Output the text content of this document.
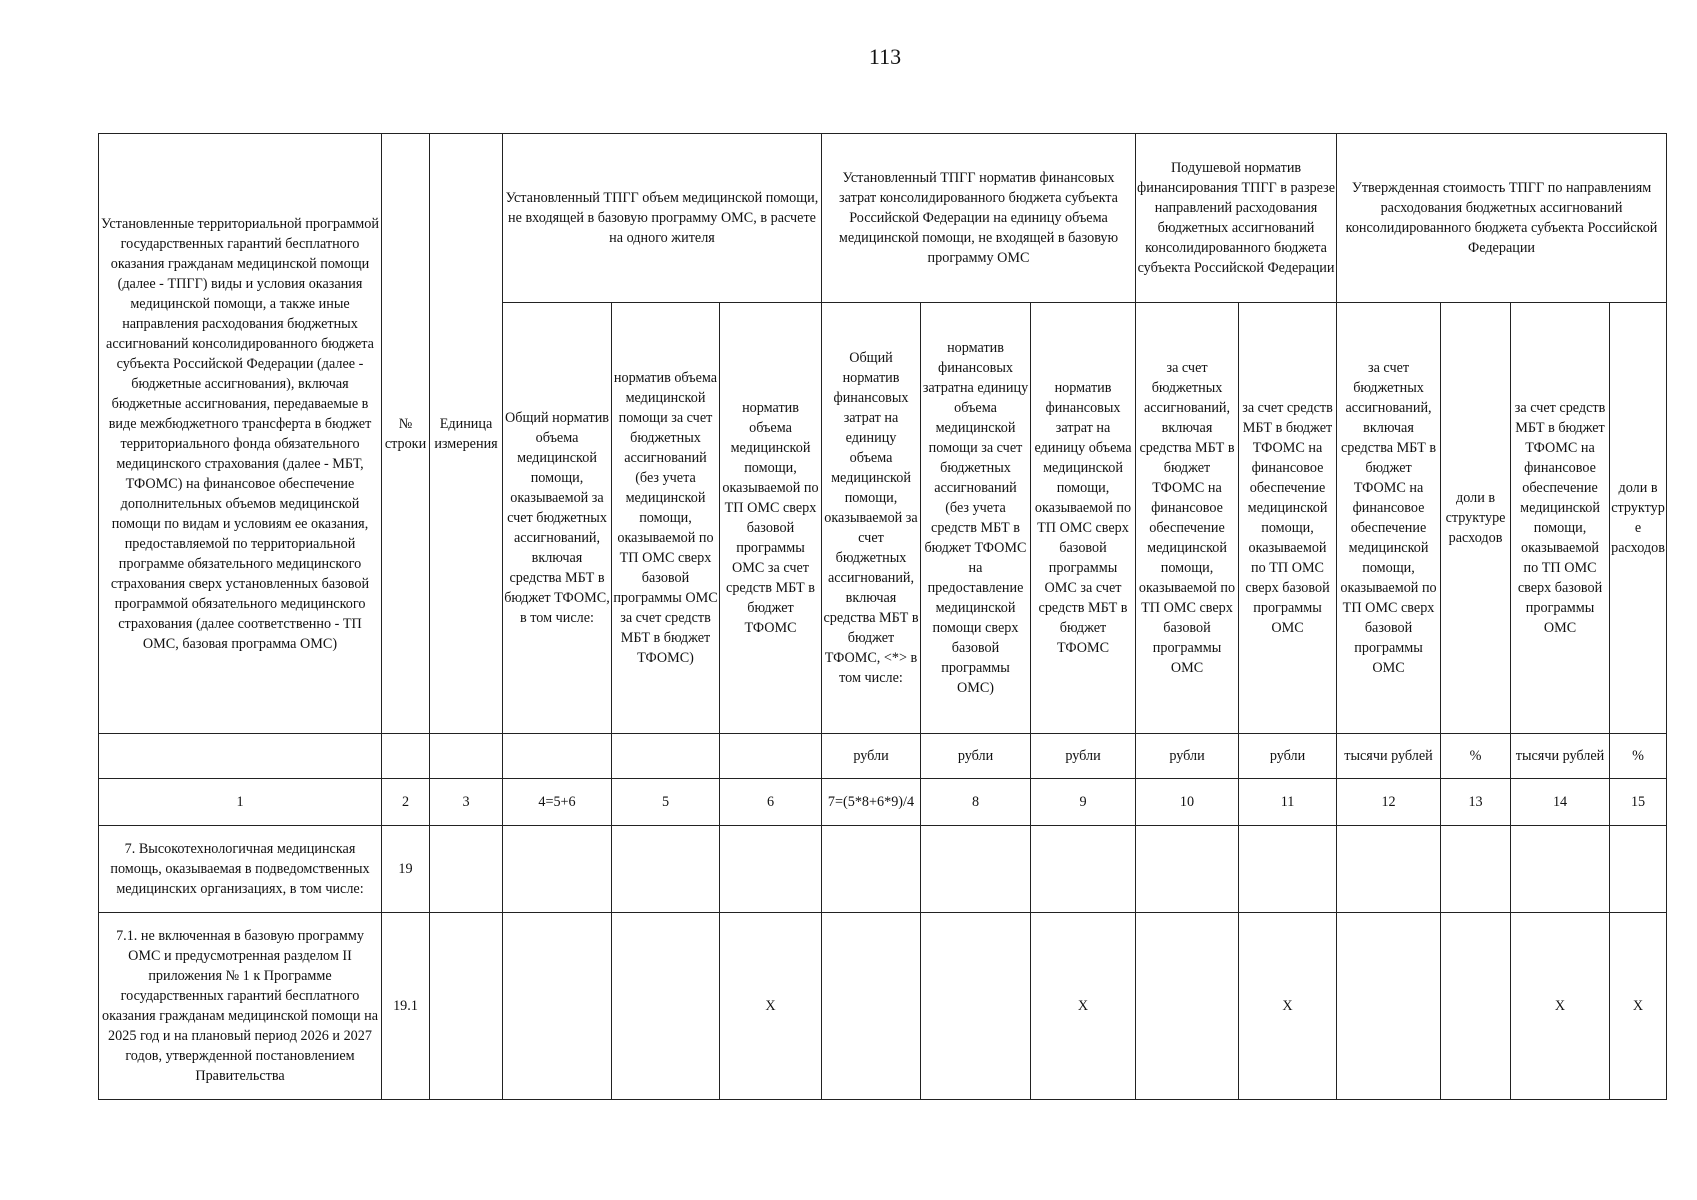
113
Установленные территориальной программой государственных гарантий бесплатного оказания гражданам медицинской помощи (далее - ТПГГ) виды и условия оказания медицинской помощи, а также иные направления расходования бюджетных ассигнований консолидированного бюджета субъекта Российской Федерации (далее - бюджетные ассигнования), включая бюджетные ассигнования, передаваемые в виде межбюджетного трансферта в бюджет территориального фонда обязательного медицинского страхования (далее - МБТ, ТФОМС) на финансовое обеспечение дополнительных объемов медицинской помощи по видам и условиям ее оказания, предоставляемой по территориальной программе обязательного медицинского страхования сверх установленных базовой программой обязательного медицинского страхования (далее соответственно - ТП ОМС, базовая программа ОМС)	№ строки	Единица измерения	Установленный ТПГГ объем медицинской помощи, не входящей в базовую программу ОМС, в расчете на одного жителя			Установленный ТПГГ норматив финансовых затрат консолидированного бюджета субъекта Российской Федерации на единицу объема медицинской помощи, не входящей в базовую программу ОМС			Подушевой норматив финансирования ТПГГ в разрезе направлений расходования бюджетных ассигнований консолидированного бюджета субъекта Российской Федерации		Утвержденная стоимость ТПГГ по направлениям расходования бюджетных ассигнований консолидированного бюджета субъекта Российской Федерации			
			Общий норматив объема медицинской помощи, оказываемой за счет бюджетных ассигнований, включая средства МБТ в бюджет ТФОМС, в том числе:	норматив объема медицинской помощи за счет бюджетных ассигнований (без учета медицинской помощи, оказываемой по ТП ОМС сверх базовой программы ОМС за счет средств МБТ в бюджет ТФОМС)	норматив объема медицинской помощи, оказываемой по ТП ОМС сверх базовой программы ОМС за счет средств МБТ в бюджет ТФОМС	Общий норматив финансовых затрат на единицу объема медицинской помощи, оказываемой за счет бюджетных ассигнований, включая средства МБТ в бюджет ТФОМС, <*> в том числе:	норматив финансовых затратна единицу объема медицинской помощи за счет бюджетных ассигнований (без учета средств МБТ в бюджет ТФОМС на предоставление медицинской помощи сверх базовой программы ОМС)	норматив финансовых затрат на единицу объема медицинской помощи, оказываемой по ТП ОМС сверх базовой программы ОМС за счет средств МБТ в бюджет ТФОМС	за счет бюджетных ассигнований, включая средства МБТ в бюджет ТФОМС на финансовое обеспечение медицинской помощи, оказываемой по ТП ОМС сверх базовой программы ОМС	за счет средств МБТ в бюджет ТФОМС на финансовое обеспечение медицинской помощи, оказываемой по ТП ОМС сверх базовой программы ОМС	за счет бюджетных ассигнований, включая средства МБТ в бюджет ТФОМС на финансовое обеспечение медицинской помощи, оказываемой по ТП ОМС сверх базовой программы ОМС	доли в структуре расходов	за счет средств МБТ в бюджет ТФОМС на финансовое обеспечение медицинской помощи, оказываемой по ТП ОМС сверх базовой программы ОМС	доли в структуре расходов
						рубли	рубли	рубли	рубли	рубли	тысячи рублей	%	тысячи рублей	%
1	2	3	4=5+6	5	6	7=(5*8+6*9)/4	8	9	10	11	12	13	14	15
7. Высокотехнологичная медицинская помощь, оказываемая в подведомственных медицинских организациях, в том числе:	19													
7.1. не включенная в базовую программу ОМС и предусмотренная разделом II приложения № 1 к Программе государственных гарантий бесплатного оказания гражданам медицинской помощи на 2025 год и на плановый период 2026 и 2027 годов, утвержденной постановлением Правительства	19.1				X			X		X			X	X
